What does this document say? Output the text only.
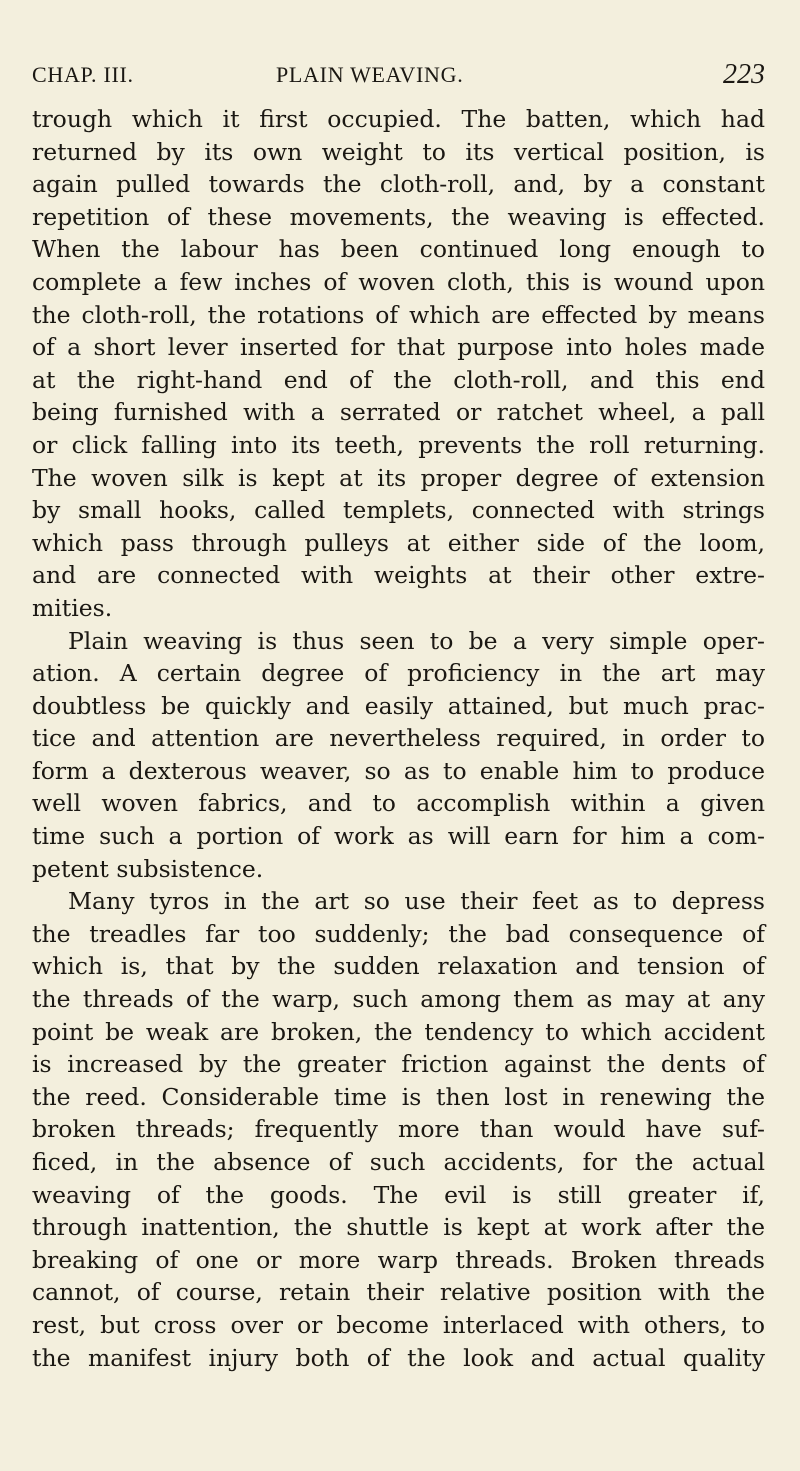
CHAP. III.	PLAIN WEAVING.	223
trough which it first occupied. The batten, which had
returned by its own weight to its vertical position, is
again pulled towards the cloth-roll, and, by a constant
repetition of these movements, the weaving is effected.
When the labour has been continued long enough to
complete a few inches of woven cloth, this is wound upon
the cloth-roll, the rotations of which are effected by means
of a short lever inserted for that purpose into holes made
at the right-hand end of the cloth-roll, and this end
being furnished with a serrated or ratchet wheel, a pall
or click falling into its teeth, prevents the roll returning.
The woven silk is kept at its proper degree of extension
by small hooks, called templets, connected with strings
which pass through pulleys at either side of the loom,
and are connected with weights at their other extre-
mities.
Plain weaving is thus seen to be a very simple oper-
ation. A certain degree of proficiency in the art may
doubtless be quickly and easily attained, but much prac-
tice and attention are nevertheless required, in order to
form a dexterous weaver, so as to enable him to produce
well woven fabrics, and to accomplish within a given
time such a portion of work as will earn for him a com-
petent subsistence.
Many tyros in the art so use their feet as to depress
the treadles far too suddenly; the bad consequence of
which is, that by the sudden relaxation and tension of
the threads of the warp, such among them as may at any
point be weak are broken, the tendency to which accident
is increased by the greater friction against the dents of
the reed. Considerable time is then lost in renewing the
broken threads; frequently more than would have suf-
ficed, in the absence of such accidents, for the actual
weaving of the goods. The evil is still greater if,
through inattention, the shuttle is kept at work after the
breaking of one or more warp threads. Broken threads
cannot, of course, retain their relative position with the
rest, but cross over or become interlaced with others, to
the manifest injury both of the look and actual quality
